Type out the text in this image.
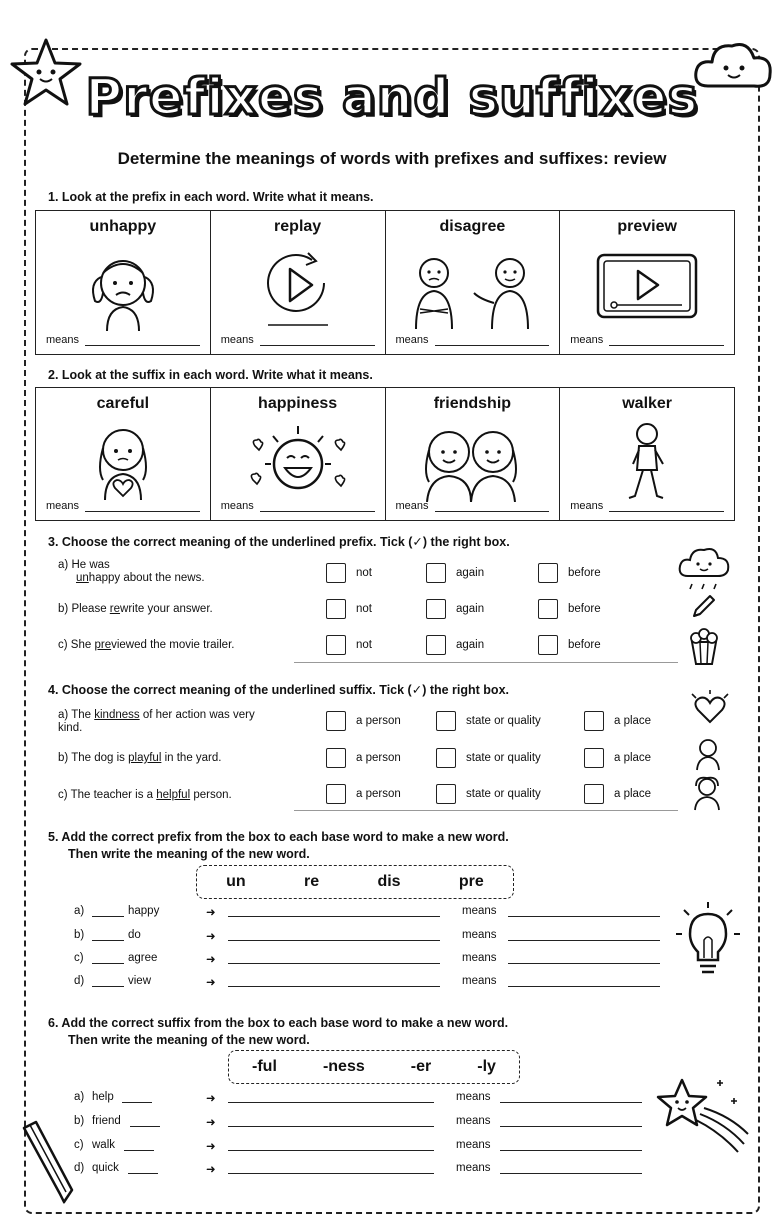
Prefixes and suffixes
Determine the meanings of words with prefixes and suffixes: review
1. Look at the prefix in each word. Write what it means.
unhappy
means
replay
means
disagree
means
preview
means
2. Look at the suffix in each word. Write what it means.
careful
means
happiness
means
friendship
means
walker
means
3. Choose the correct meaning of the underlined prefix. Tick (✓) the right box.
a) He was
unhappy about the news.
b) Please rewrite your answer.
c) She previewed the movie trailer.
not	again	before
not	again	before
not	again	before
4. Choose the correct meaning of the underlined suffix. Tick (✓) the right box.
a) The kindness of her action was very kind.
b) The dog is playful in the yard.
c) The teacher is a helpful person.
a person	state or quality	a place
a person	state or quality	a place
a person	state or quality	a place
5. Add the correct prefix from the box to each base word to make a new word.
Then write the meaning of the new word.
un	re	dis	pre
a)	happy	➜	means
b)	do	➜	means
c)	agree	➜	means
d)	view	➜	means
6. Add the correct suffix from the box to each base word to make a new word.
Then write the meaning of the new word.
-ful	-ness	-er	-ly
a) help	➜	means
b) friend	➜	means
c) walk	➜	means
d) quick	➜	means
